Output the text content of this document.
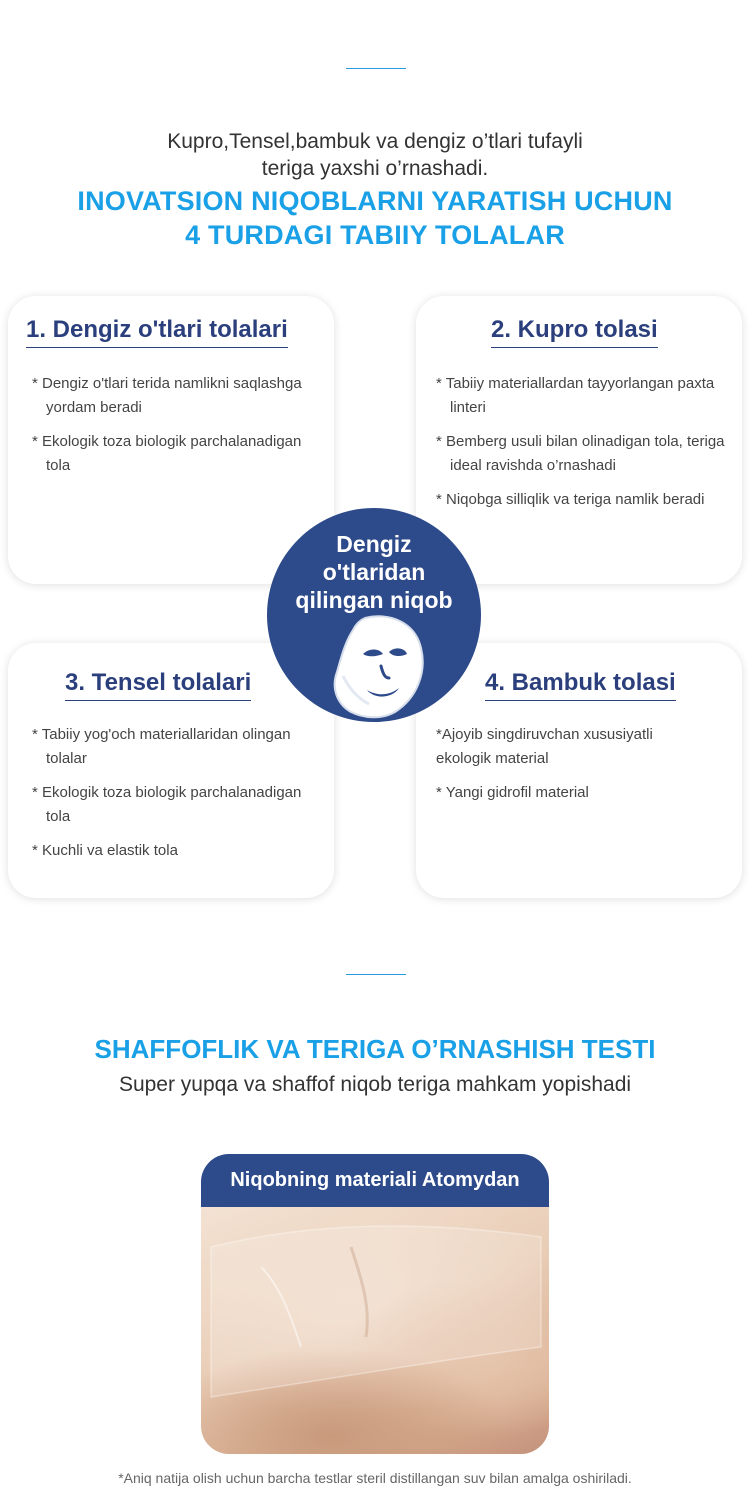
Kupro,Tensel,bambuk va dengiz o’tlari tufayli
teriga yaxshi o’rnashadi.
INOVATSION NIQOBLARNI YARATISH UCHUN
4 TURDAGI TABIIY TOLALAR
1. Dengiz o'tlari tolalari
* Dengiz o'tlari terida namlikni saqlashga yordam beradi
* Ekologik toza biologik parchalanadigan tola
2. Kupro tolasi
* Tabiiy materiallardan tayyorlangan paxta linteri
* Bemberg usuli bilan olinadigan tola, teriga ideal ravishda o’rnashadi
* Niqobga silliqlik va teriga namlik beradi
3. Tensel tolalari
* Tabiiy yog'och materiallaridan olingan tolalar
* Ekologik toza biologik parchalanadigan tola
* Kuchli va elastik tola
4. Bambuk tolasi
*Ajoyib singdiruvchan xususiyatli ekologik material
* Yangi gidrofil material
Dengiz
o'tlaridan
qilingan niqob
SHAFFOFLIK VA TERIGA O’RNASHISH TESTI
Super yupqa va shaffof niqob teriga mahkam yopishadi
Niqobning materiali Atomydan
*Aniq natija olish uchun barcha testlar steril distillangan suv bilan amalga oshiriladi.
